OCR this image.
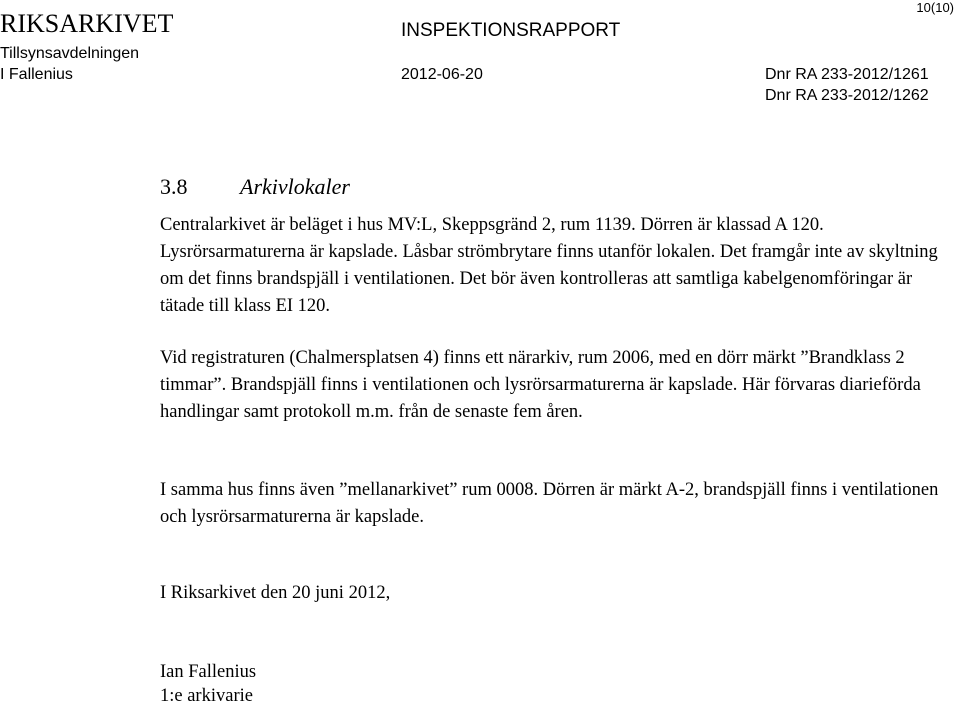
RIKSARKIVET	INSPEKTIONSRAPPORT
10(10)
Tillsynsavdelningen
I Fallenius	2012-06-20	Dnr RA 233-2012/1261
Dnr RA 233-2012/1262
3.8 Arkivlokaler

Centralarkivet är beläget i hus MV:L, Skeppsgränd 2, rum 1139. Dörren är klassad A 120. Lysrörsarmaturerna är kapslade. Låsbar strömbrytare finns utanför lokalen. Det framgår inte av skyltning om det finns brandspjäll i ventilationen. Det bör även kontrolleras att samtliga kabelgenomföringar är tätade till klass EI 120.

Vid registraturen (Chalmersplatsen 4) finns ett närarkiv, rum 2006, med en dörr märkt ”Brandklass 2 timmar”. Brandspjäll finns i ventilationen och lysrörsarmaturerna är kapslade. Här förvaras diarieförda handlingar samt protokoll m.m. från de senaste fem åren.

I samma hus finns även ”mellanarkivet” rum 0008. Dörren är märkt A-2, brandspjäll finns i ventilationen och lysrörsarmaturerna är kapslade.

I Riksarkivet den 20 juni 2012,
Ian Fallenius
1:e arkivarie
